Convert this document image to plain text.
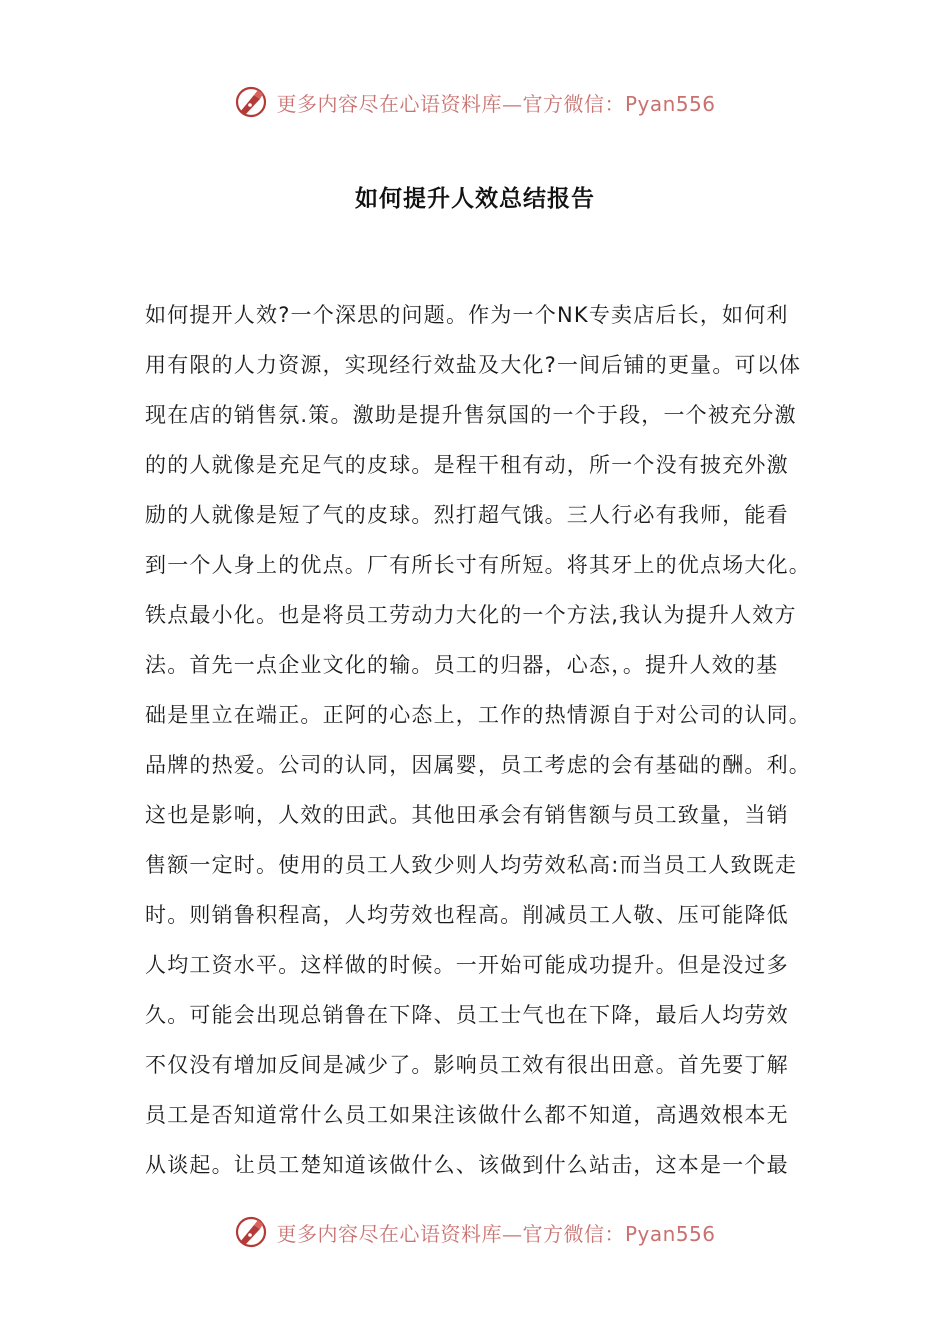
更多内容尽在心语资料库—官方微信：Pyan556
如何提升人效总结报告
如何提开人效?一个深思的问题。作为一个NK专卖店后长，如何利
用有限的人力资源，实现经行效盐及大化?一间后铺的更量。可以体
现在店的销售氛.策。激助是提升售氛国的一个于段，一个被充分激
的的人就像是充足气的皮球。是程干租有动，所一个没有披充外激
励的人就像是短了气的皮球。烈打超气饿。三人行必有我师，能看
到一个人身上的优点。厂有所长寸有所短。将其牙上的优点场大化。
铁点最小化。也是将员工劳动力大化的一个方法,我认为提升人效方
法。首先一点企业文化的输。员工的归器，心态，。提升人效的基
础是里立在端正。正阿的心态上，工作的热情源自于对公司的认同。
品牌的热爱。公司的认同，因属婴，员工考虑的会有基础的酬。利。
这也是影响，人效的田武。其他田承会有销售额与员工致量，当销
售额一定时。使用的员工人致少则人均劳效私高:而当员工人致既走
时。则销鲁积程高，人均劳效也程高。削减员工人敬、压可能降低
人均工资水平。这样做的时候。一开始可能成功提升。但是没过多
久。可能会出现总销鲁在下降、员工士气也在下降，最后人均劳效
不仅没有增加反间是减少了。影响员工效有很出田意。首先要丁解
员工是否知道常什么员工如果注该做什么都不知道，高遇效根本无
从谈起。让员工楚知道该做什么、该做到什么站击，这本是一个最
更多内容尽在心语资料库—官方微信：Pyan556
